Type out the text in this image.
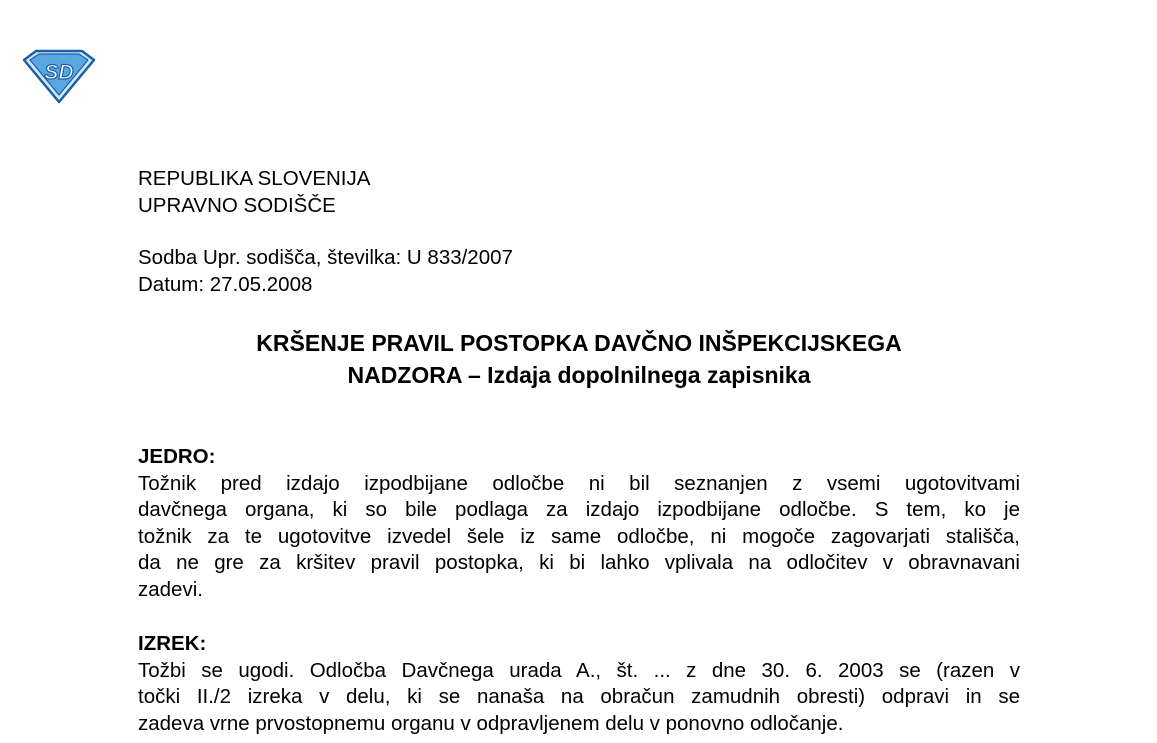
SD
REPUBLIKA SLOVENIJA
UPRAVNO SODIŠČE
Sodba Upr. sodišča, številka: U 833/2007
Datum: 27.05.2008
KRŠENJE PRAVIL POSTOPKA DAVČNO INŠPEKCIJSKEGA
NADZORA – Izdaja dopolnilnega zapisnika
JEDRO:
Tožnik pred izdajo izpodbijane odločbe ni bil seznanjen z vsemi ugotovitvami
davčnega organa, ki so bile podlaga za izdajo izpodbijane odločbe. S tem, ko je
tožnik za te ugotovitve izvedel šele iz same odločbe, ni mogoče zagovarjati stališča,
da ne gre za kršitev pravil postopka, ki bi lahko vplivala na odločitev v obravnavani
zadevi.
IZREK:
Tožbi se ugodi. Odločba Davčnega urada A., št. ... z dne 30. 6. 2003 se (razen v
točki II./2 izreka v delu, ki se nanaša na obračun zamudnih obresti) odpravi in se
zadeva vrne prvostopnemu organu v odpravljenem delu v ponovno odločanje.
